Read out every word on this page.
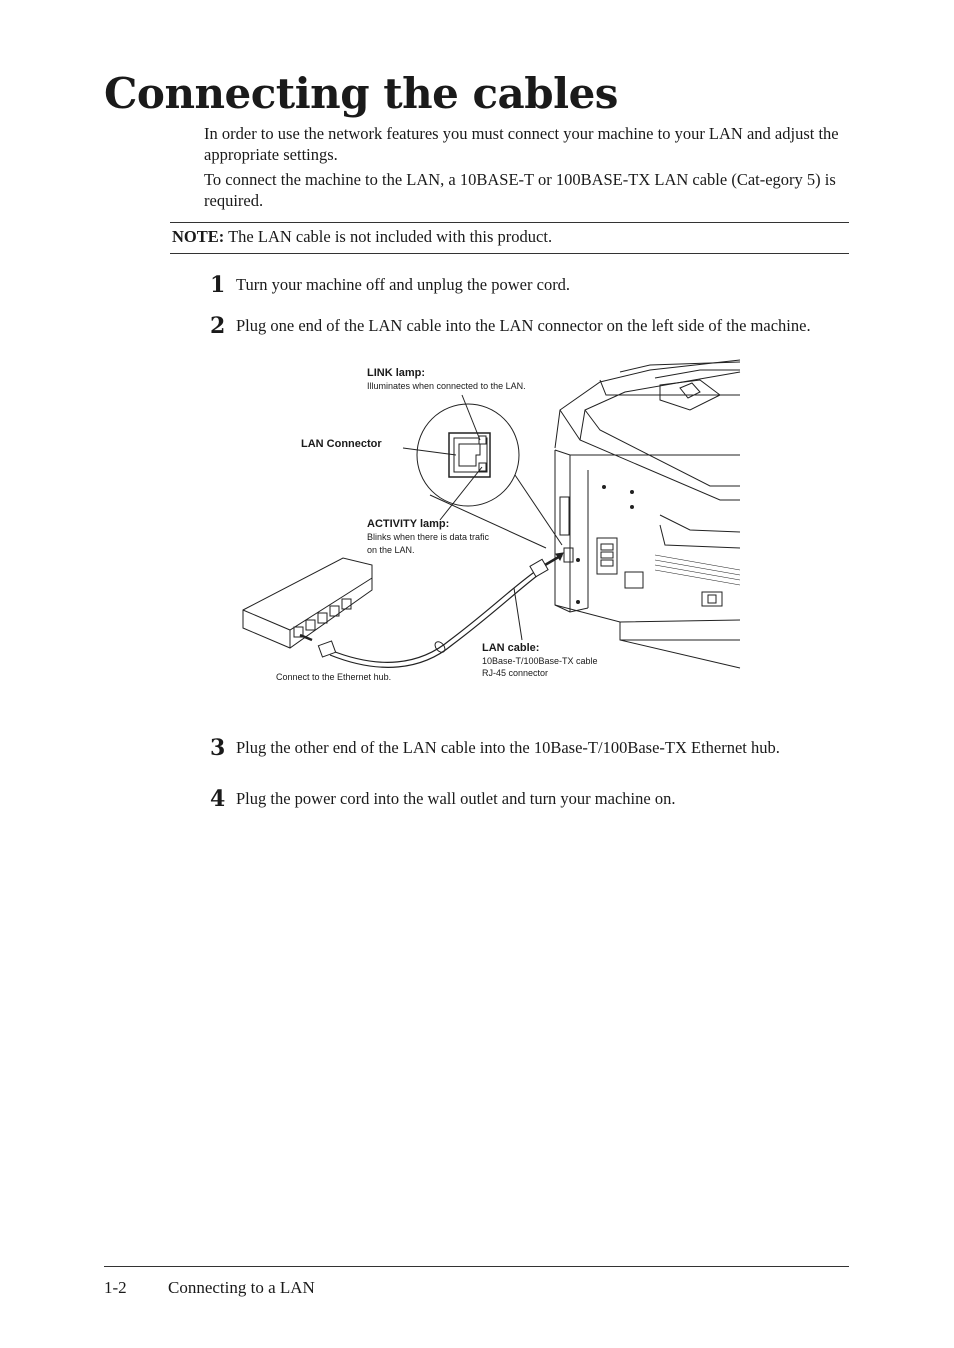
Connecting the cables

In order to use the network features you must connect your machine to your LAN and adjust the appropriate settings.

To connect the machine to the LAN, a 10BASE-T or 100BASE-TX LAN cable (Cat-egory 5) is required.

NOTE: The LAN cable is not included with this product.
1 Turn your machine off and unplug the power cord.

2 Plug one end of the LAN cable into the LAN connector on the left side of the machine.

LINK lamp:
Illuminates when connected to the LAN.
LAN Connector
ACTIVITY lamp:
Blinks when there is data trafic
on the LAN.
LAN cable:
10Base-T/100Base-TX cable
RJ-45 connector
Connect to the Ethernet hub.
3 Plug the other end of the LAN cable into the 10Base-T/100Base-TX Ethernet hub.

4 Plug the power cord into the wall outlet and turn your machine on.

1-2 Connecting to a LAN
